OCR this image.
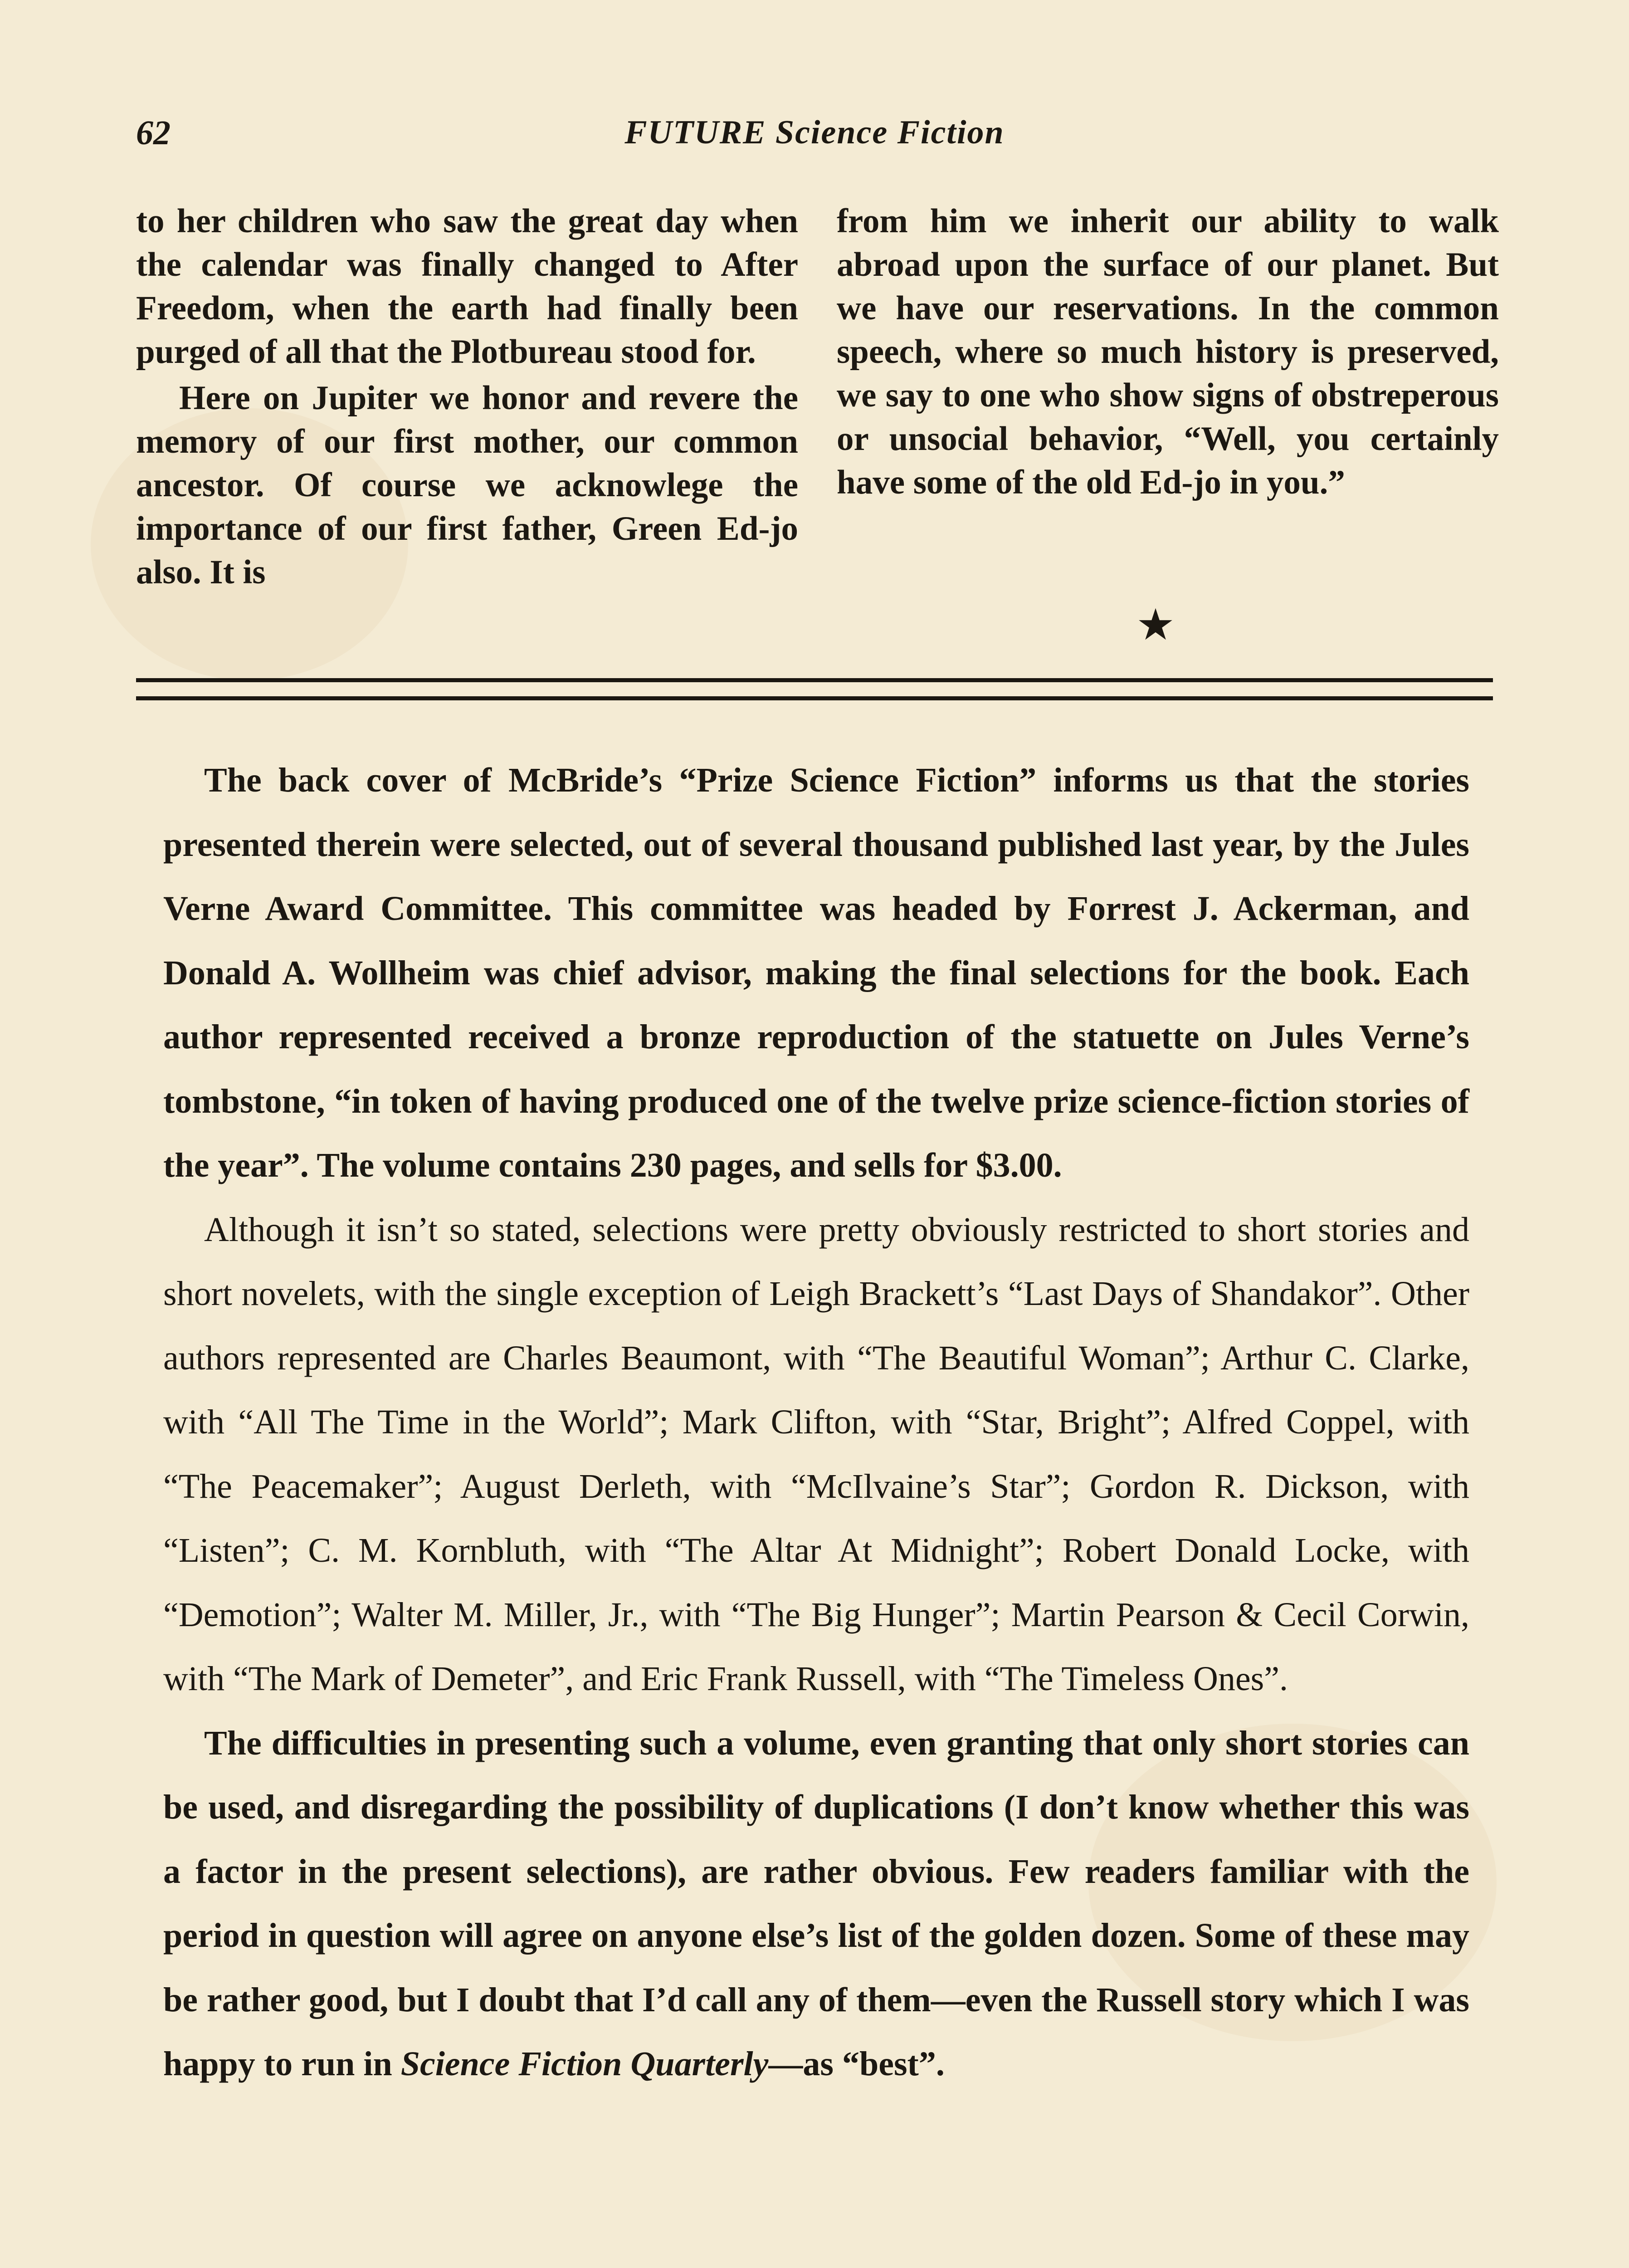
62	FUTURE Science Fiction

to her children who saw the great day when the calendar was finally changed to After Freedom, when the earth had finally been purged of all that the Plotbureau stood for.

Here on Jupiter we honor and revere the memory of our first mother, our common ancestor. Of course we acknowlege the importance of our first father, Green Ed-jo also. It is

from him we inherit our ability to walk abroad upon the surface of our planet. But we have our reservations. In the common speech, where so much history is preserved, we say to one who show signs of obstreperous or unsocial behavior, “Well, you certainly have some of the old Ed-jo in you.”

★

The back cover of McBride’s “Prize Science Fiction” informs us that the stories presented therein were selected, out of several thousand published last year, by the Jules Verne Award Committee. This committee was headed by Forrest J. Ackerman, and Donald A. Wollheim was chief advisor, making the final selections for the book. Each author represented received a bronze reproduction of the statuette on Jules Verne’s tombstone, “in token of having produced one of the twelve prize science-fiction stories of the year”. The volume contains 230 pages, and sells for $3.00.

Although it isn’t so stated, selections were pretty obviously restricted to short stories and short novelets, with the single exception of Leigh Brackett’s “Last Days of Shandakor”. Other authors represented are Charles Beaumont, with “The Beautiful Woman”; Arthur C. Clarke, with “All The Time in the World”; Mark Clifton, with “Star, Bright”; Alfred Coppel, with “The Peacemaker”; August Derleth, with “McIlvaine’s Star”; Gordon R. Dickson, with “Listen”; C. M. Kornbluth, with “The Altar At Midnight”; Robert Donald Locke, with “Demotion”; Walter M. Miller, Jr., with “The Big Hunger”; Martin Pearson & Cecil Corwin, with “The Mark of Demeter”, and Eric Frank Russell, with “The Timeless Ones”.

The difficulties in presenting such a volume, even granting that only short stories can be used, and disregarding the possibility of duplications (I don’t know whether this was a factor in the present selections), are rather obvious. Few readers familiar with the period in question will agree on anyone else’s list of the golden dozen. Some of these may be rather good, but I doubt that I’d call any of them—even the Russell story which I was happy to run in Science Fiction Quarterly—as “best”.
